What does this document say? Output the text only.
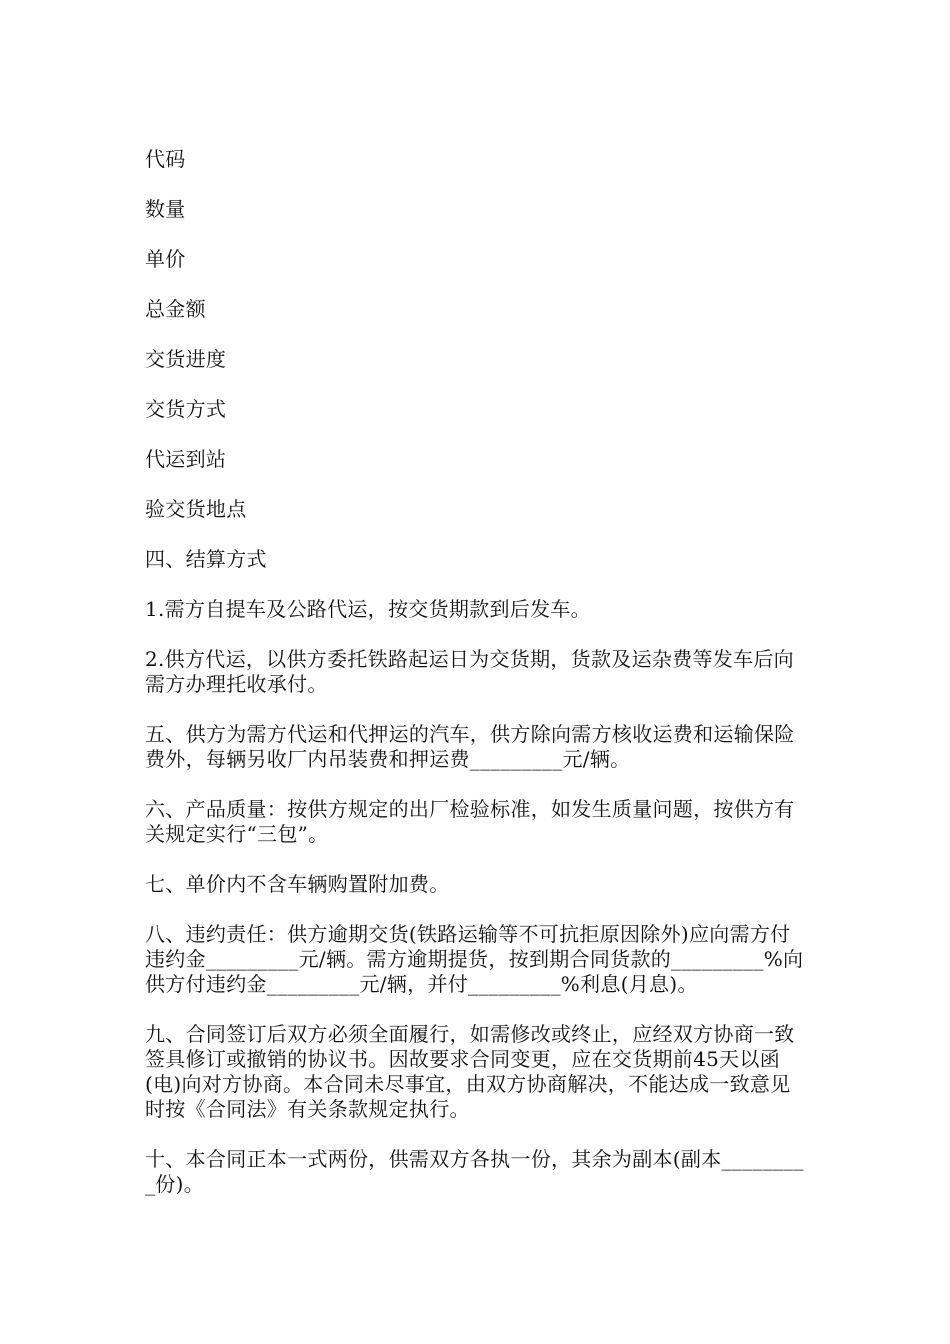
代码

数量

单价

总金额

交货进度

交货方式

代运到站

验交货地点

四、结算方式

1.需方自提车及公路代运，按交货期款到后发车。

2.供方代运，以供方委托铁路起运日为交货期，货款及运杂费等发车后向需方办理托收承付。

五、供方为需方代运和代押运的汽车，供方除向需方核收运费和运输保险费外，每辆另收厂内吊装费和押运费_________元/辆。

六、产品质量：按供方规定的出厂检验标准，如发生质量问题，按供方有关规定实行“三包”。

七、单价内不含车辆购置附加费。

八、违约责任：供方逾期交货(铁路运输等不可抗拒原因除外)应向需方付违约金_________元/辆。需方逾期提货，按到期合同货款的_________%向供方付违约金_________元/辆，并付_________%利息(月息)。

九、合同签订后双方必须全面履行，如需修改或终止，应经双方协商一致签具修订或撤销的协议书。因故要求合同变更，应在交货期前45天以函(电)向对方协商。本合同未尽事宜，由双方协商解决，不能达成一致意见时按《合同法》有关条款规定执行。

十、本合同正本一式两份，供需双方各执一份，其余为副本(副本_________份)。
